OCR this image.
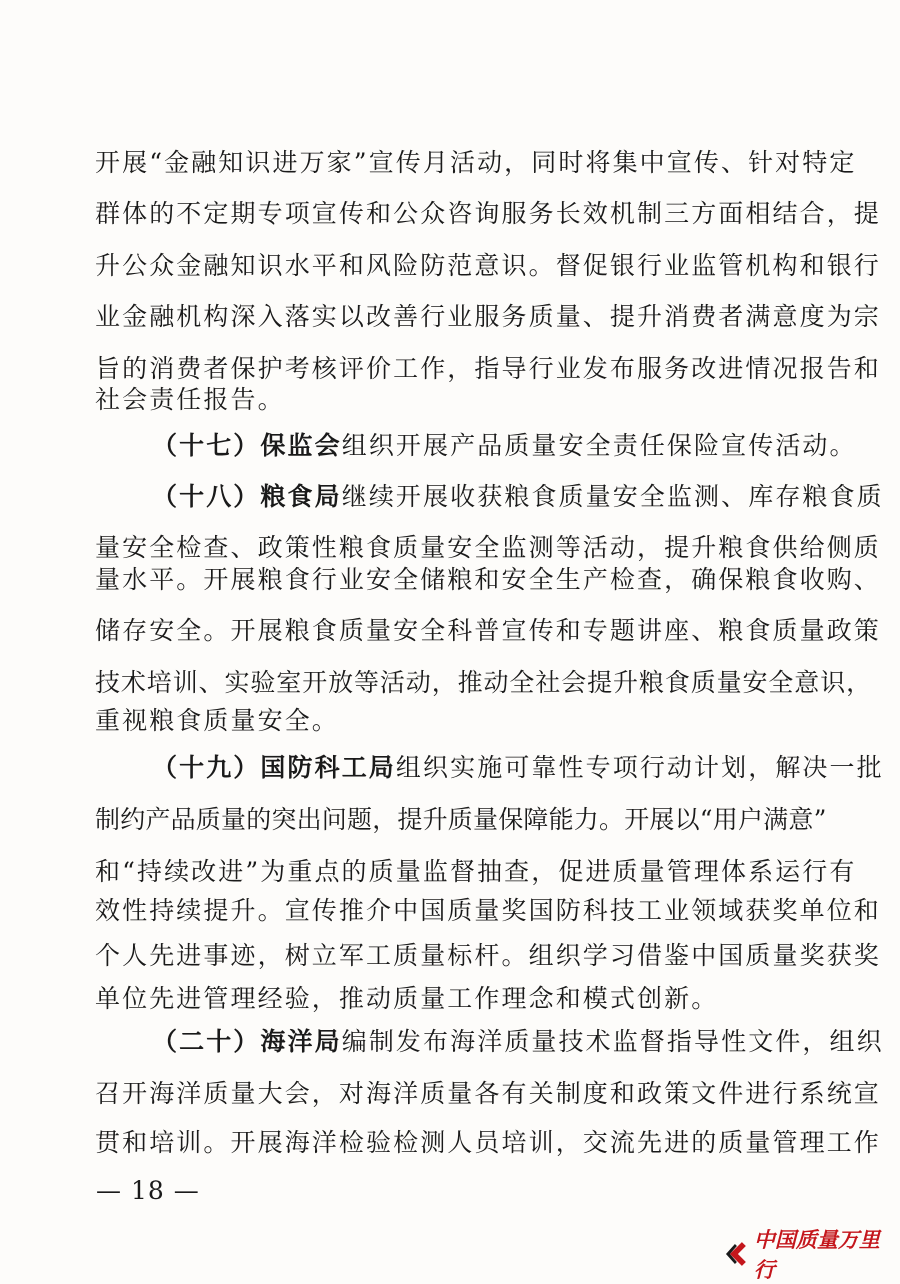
开展“金融知识进万家”宣传月活动，同时将集中宣传、针对特定
群体的不定期专项宣传和公众咨询服务长效机制三方面相结合，提
升公众金融知识水平和风险防范意识。督促银行业监管机构和银行
业金融机构深入落实以改善行业服务质量、提升消费者满意度为宗
旨的消费者保护考核评价工作，指导行业发布服务改进情况报告和
社会责任报告。
（十七）保监会组织开展产品质量安全责任保险宣传活动。
（十八）粮食局继续开展收获粮食质量安全监测、库存粮食质
量安全检查、政策性粮食质量安全监测等活动，提升粮食供给侧质
量水平。开展粮食行业安全储粮和安全生产检查，确保粮食收购、
储存安全。开展粮食质量安全科普宣传和专题讲座、粮食质量政策
技术培训、实验室开放等活动，推动全社会提升粮食质量安全意识，
重视粮食质量安全。
（十九）国防科工局组织实施可靠性专项行动计划，解决一批
制约产品质量的突出问题，提升质量保障能力。开展以“用户满意”
和“持续改进”为重点的质量监督抽查，促进质量管理体系运行有
效性持续提升。宣传推介中国质量奖国防科技工业领域获奖单位和
个人先进事迹，树立军工质量标杆。组织学习借鉴中国质量奖获奖
单位先进管理经验，推动质量工作理念和模式创新。
（二十）海洋局编制发布海洋质量技术监督指导性文件，组织
召开海洋质量大会，对海洋质量各有关制度和政策文件进行系统宣
贯和培训。开展海洋检验检测人员培训，交流先进的质量管理工作
— 18 —
中国质量万里行
